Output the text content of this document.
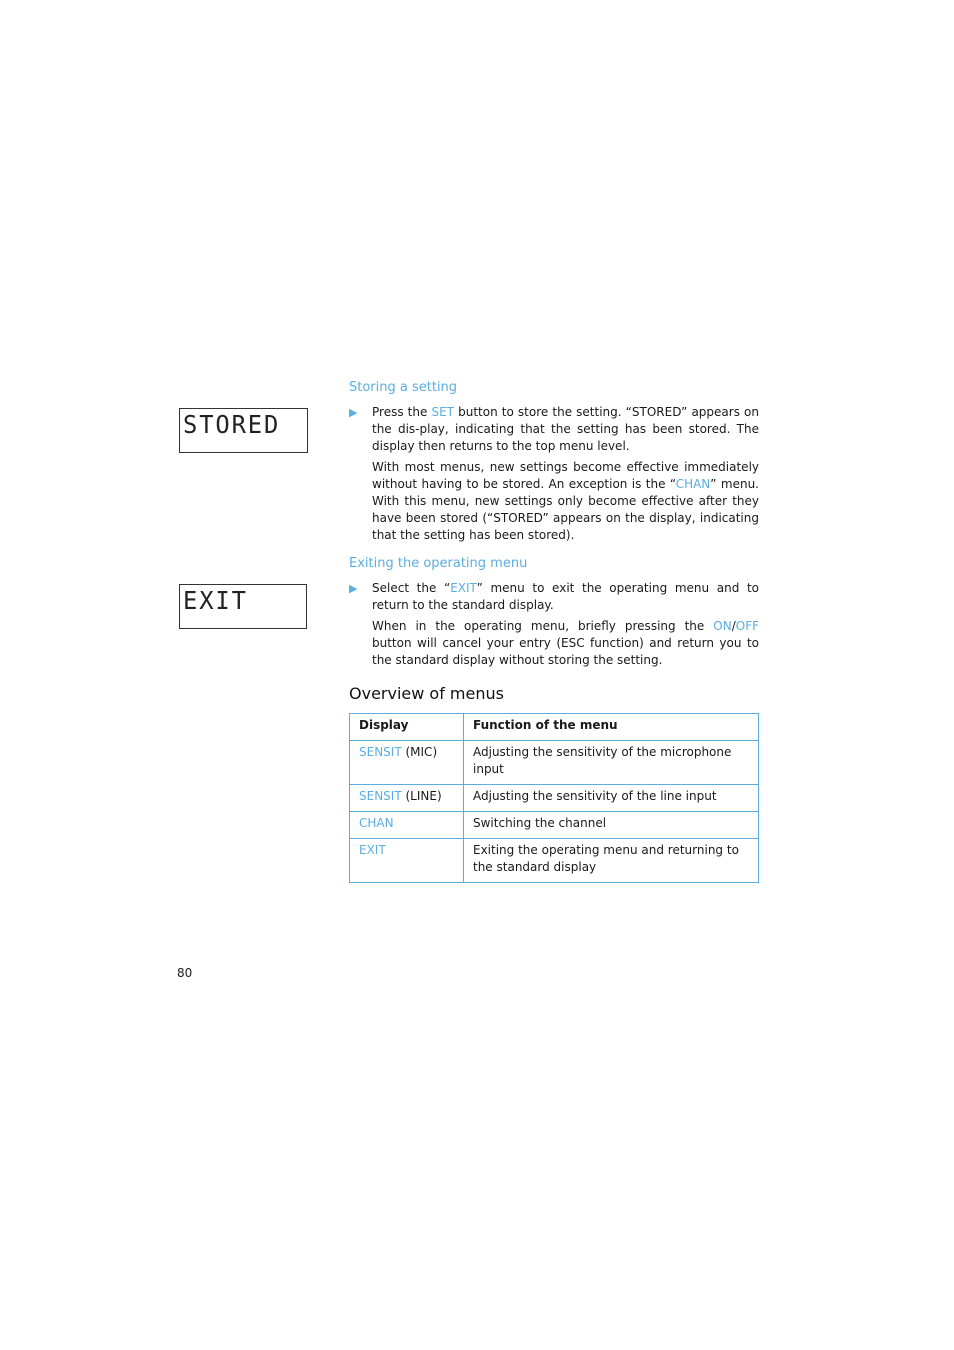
Storing a setting
STORED	▶ Press the SET button to store the setting. “STORED” appears on the dis-play, indicating that the setting has been stored. The display then returns to the top menu level.

With most menus, new settings become effective immediately without having to be stored. An exception is the “CHAN” menu. With this menu, new settings only become effective after they have been stored (“STORED” appears on the display, indicating that the setting has been stored).

Exiting the operating menu
EXIT	▶ Select the “EXIT” menu to exit the operating menu and to return to the standard display.

When in the operating menu, briefly pressing the ON/OFF button will cancel your entry (ESC function) and return you to the standard display without storing the setting.

Overview of menus
Display	Function of the menu
SENSIT (MIC)	Adjusting the sensitivity of the microphone input
SENSIT (LINE)	Adjusting the sensitivity of the line input
CHAN	Switching the channel
EXIT	Exiting the operating menu and returning to the standard display
80
